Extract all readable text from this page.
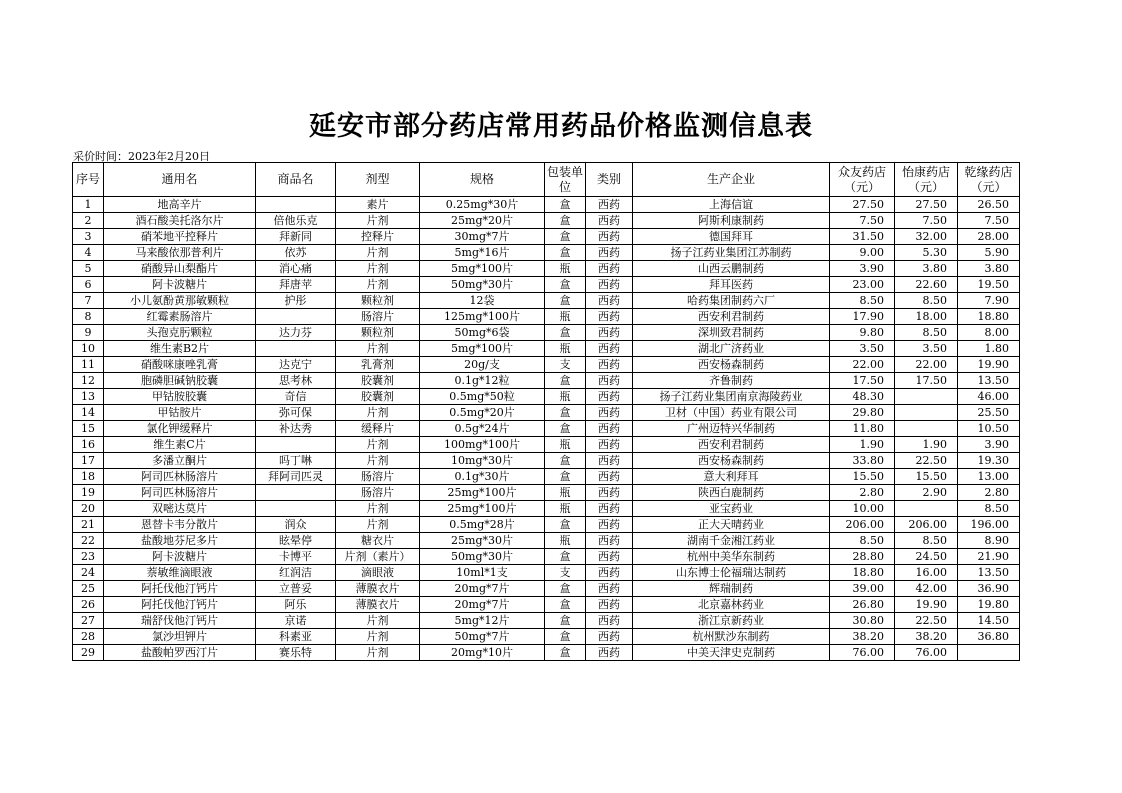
延安市部分药店常用药品价格监测信息表
采价时间：2023年2月20日
序号	通用名	商品名	剂型	规格	包装单位	类别	生产企业	众友药店（元）	怡康药店（元）	乾缘药店（元）
1	地高辛片		素片	0.25mg*30片	盒	西药	上海信谊	27.50	27.50	26.50
2	酒石酸美托洛尔片	倍他乐克	片剂	25mg*20片	盒	西药	阿斯利康制药	7.50	7.50	7.50
3	硝苯地平控释片	拜新同	控释片	30mg*7片	盒	西药	德国拜耳	31.50	32.00	28.00
4	马来酸依那普利片	依苏	片剂	5mg*16片	盒	西药	扬子江药业集团江苏制药	9.00	5.30	5.90
5	硝酸异山梨酯片	消心痛	片剂	5mg*100片	瓶	西药	山西云鹏制药	3.90	3.80	3.80
6	阿卡波糖片	拜唐苹	片剂	50mg*30片	盒	西药	拜耳医药	23.00	22.60	19.50
7	小儿氨酚黄那敏颗粒	护彤	颗粒剂	12袋	盒	西药	哈药集团制药六厂	8.50	8.50	7.90
8	红霉素肠溶片		肠溶片	125mg*100片	瓶	西药	西安利君制药	17.90	18.00	18.80
9	头孢克肟颗粒	达力芬	颗粒剂	50mg*6袋	盒	西药	深圳致君制药	9.80	8.50	8.00
10	维生素B2片		片剂	5mg*100片	瓶	西药	湖北广济药业	3.50	3.50	1.80
11	硝酸咪康唑乳膏	达克宁	乳膏剂	20g/支	支	西药	西安杨森制药	22.00	22.00	19.90
12	胞磷胆碱钠胶囊	思考林	胶囊剂	0.1g*12粒	盒	西药	齐鲁制药	17.50	17.50	13.50
13	甲钴胺胶囊	奇信	胶囊剂	0.5mg*50粒	瓶	西药	扬子江药业集团南京海陵药业	48.30		46.00
14	甲钴胺片	弥可保	片剂	0.5mg*20片	盒	西药	卫材（中国）药业有限公司	29.80		25.50
15	氯化钾缓释片	补达秀	缓释片	0.5g*24片	盒	西药	广州迈特兴华制药	11.80		10.50
16	维生素C片		片剂	100mg*100片	瓶	西药	西安利君制药	1.90	1.90	3.90
17	多潘立酮片	吗丁啉	片剂	10mg*30片	盒	西药	西安杨森制药	33.80	22.50	19.30
18	阿司匹林肠溶片	拜阿司匹灵	肠溶片	0.1g*30片	盒	西药	意大利拜耳	15.50	15.50	13.00
19	阿司匹林肠溶片		肠溶片	25mg*100片	瓶	西药	陕西白鹿制药	2.80	2.90	2.80
20	双嘧达莫片		片剂	25mg*100片	瓶	西药	亚宝药业	10.00		8.50
21	恩替卡韦分散片	润众	片剂	0.5mg*28片	盒	西药	正大天晴药业	206.00	206.00	196.00
22	盐酸地芬尼多片	眩晕停	糖衣片	25mg*30片	瓶	西药	湖南千金湘江药业	8.50	8.50	8.90
23	阿卡波糖片	卡博平	片剂（素片）	50mg*30片	盒	西药	杭州中美华东制药	28.80	24.50	21.90
24	萘敏维滴眼液	红润洁	滴眼液	10ml*1支	支	西药	山东博士伦福瑞达制药	18.80	16.00	13.50
25	阿托伐他汀钙片	立普妥	薄膜衣片	20mg*7片	盒	西药	辉瑞制药	39.00	42.00	36.90
26	阿托伐他汀钙片	阿乐	薄膜衣片	20mg*7片	盒	西药	北京嘉林药业	26.80	19.90	19.80
27	瑞舒伐他汀钙片	京诺	片剂	5mg*12片	盒	西药	浙江京新药业	30.80	22.50	14.50
28	氯沙坦钾片	科素亚	片剂	50mg*7片	盒	西药	杭州默沙东制药	38.20	38.20	36.80
29	盐酸帕罗西汀片	赛乐特	片剂	20mg*10片	盒	西药	中美天津史克制药	76.00	76.00	
